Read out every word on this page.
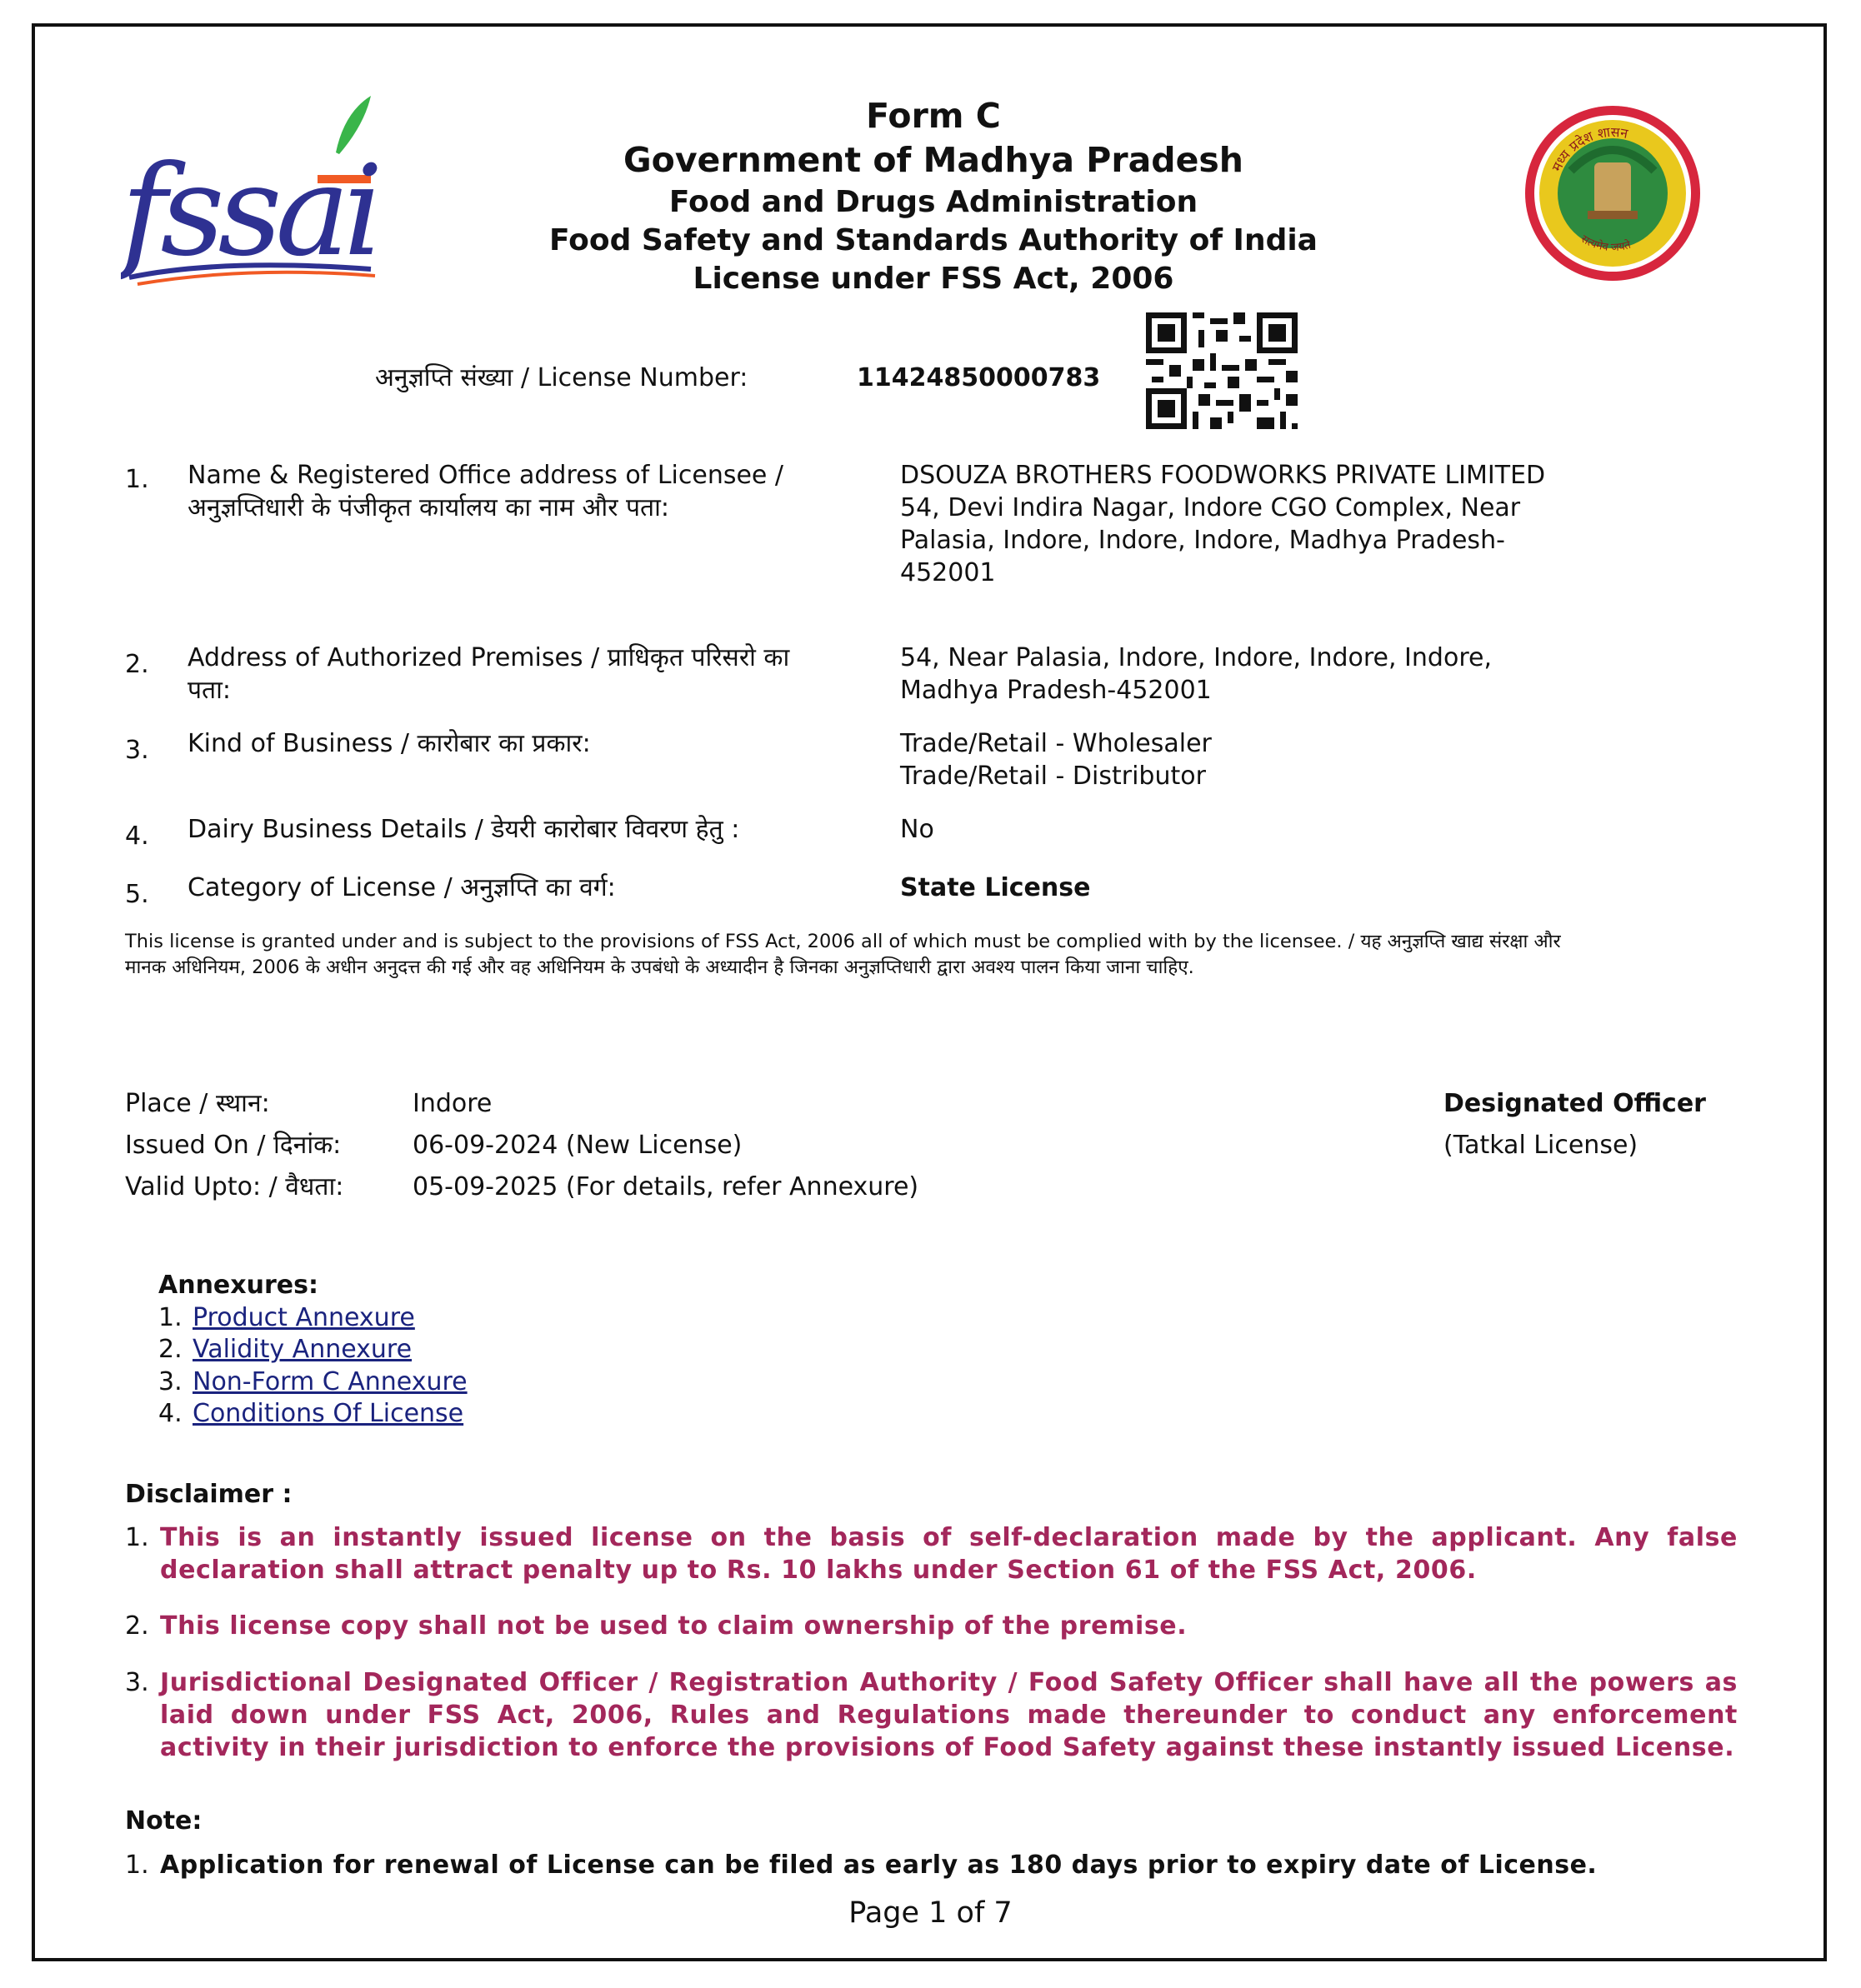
fssai	मध्य प्रदेश शासन
सत्यमेव जयते
Form C
Government of Madhya Pradesh
Food and Drugs Administration
Food Safety and Standards Authority of India
License under FSS Act, 2006
अनुज्ञप्ति संख्या / License Number:	11424850000783
1. Name & Registered Office address of Licensee / अनुज्ञप्तिधारी के पंजीकृत कार्यालय का नाम और पता:
DSOUZA BROTHERS FOODWORKS PRIVATE LIMITED
54, Devi Indira Nagar, Indore CGO Complex, Near Palasia, Indore, Indore, Indore, Madhya Pradesh-452001
2. Address of Authorized Premises / प्राधिकृत परिसरो का पता:
54, Near Palasia, Indore, Indore, Indore, Indore, Madhya Pradesh-452001
3. Kind of Business / कारोबार का प्रकार:	Trade/Retail - Wholesaler
Trade/Retail - Distributor
4. Dairy Business Details / डेयरी कारोबार विवरण हेतु :	No
5. Category of License / अनुज्ञप्ति का वर्ग:	State License
This license is granted under and is subject to the provisions of FSS Act, 2006 all of which must be complied with by the licensee. / यह अनुज्ञप्ति खाद्य संरक्षा और मानक अधिनियम, 2006 के अधीन अनुदत्त की गई और वह अधिनियम के उपबंधो के अध्यादीन है जिनका अनुज्ञप्तिधारी द्वारा अवश्य पालन किया जाना चाहिए.
Place / स्थान:	Indore
Issued On / दिनांक:	06-09-2024 (New License)
Valid Upto: / वैधता:	05-09-2025 (For details, refer Annexure)
Designated Officer
(Tatkal License)
Annexures:
1. Product Annexure
2. Validity Annexure
3. Non-Form C Annexure
4. Conditions Of License
Disclaimer :
1. This is an instantly issued license on the basis of self-declaration made by the applicant. Any false declaration shall attract penalty up to Rs. 10 lakhs under Section 61 of the FSS Act, 2006.
2. This license copy shall not be used to claim ownership of the premise.
3. Jurisdictional Designated Officer / Registration Authority / Food Safety Officer shall have all the powers as laid down under FSS Act, 2006, Rules and Regulations made thereunder to conduct any enforcement activity in their jurisdiction to enforce the provisions of Food Safety against these instantly issued License.
Note:
1. Application for renewal of License can be filed as early as 180 days prior to expiry date of License.
Page 1 of 7
